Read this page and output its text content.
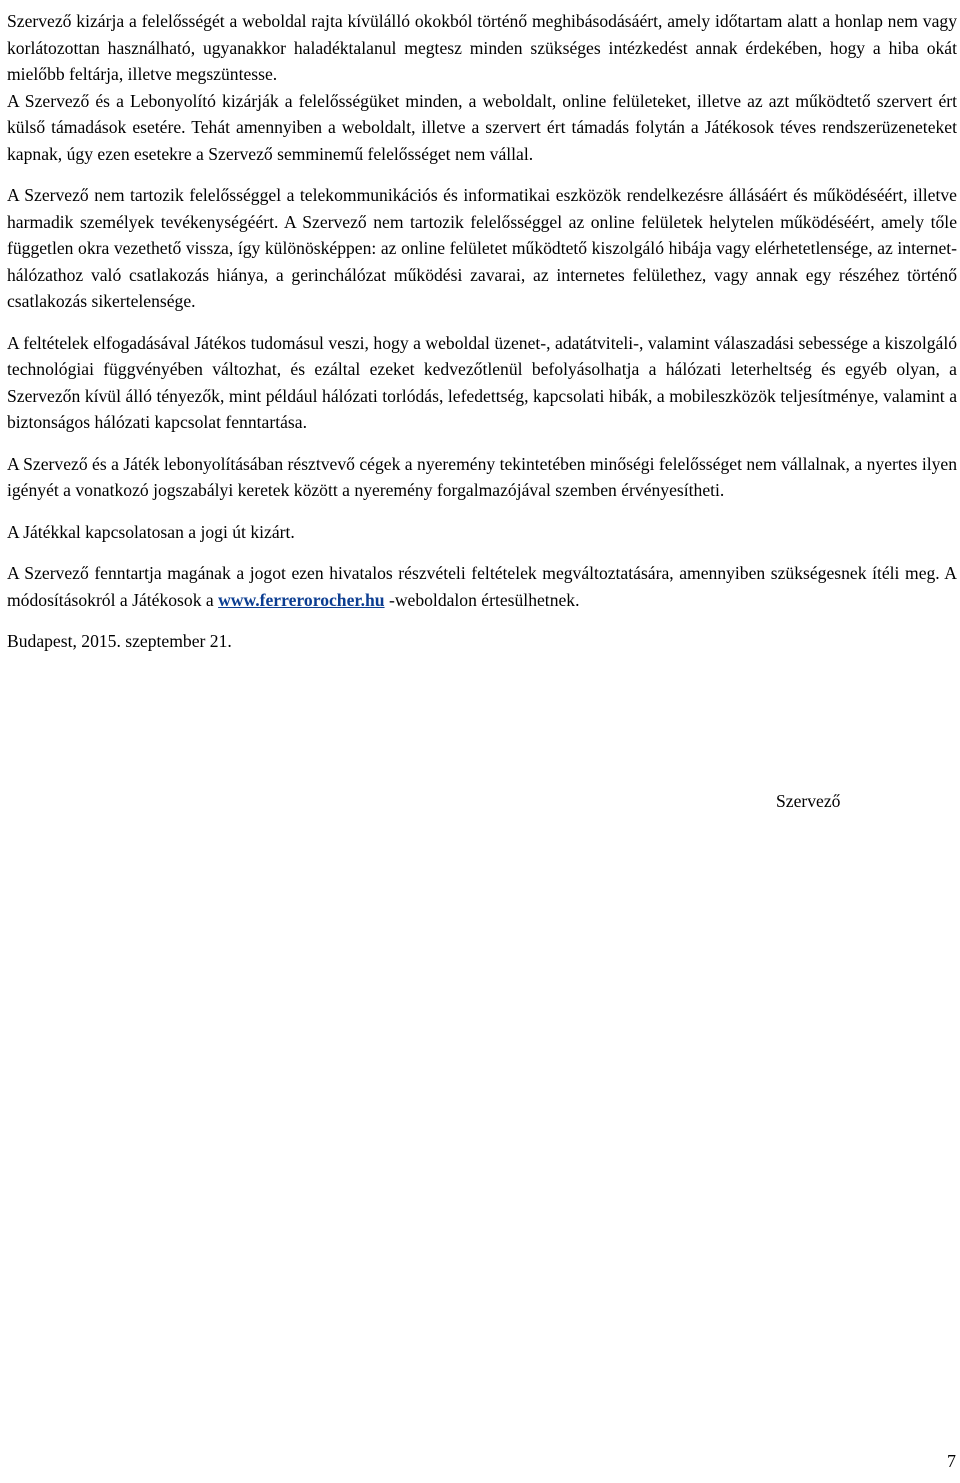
Szervező kizárja a felelősségét a weboldal rajta kívülálló okokból történő meghibásodásáért, amely időtartam alatt a honlap nem vagy korlátozottan használható, ugyanakkor haladéktalanul megtesz minden szükséges intézkedést annak érdekében, hogy a hiba okát mielőbb feltárja, illetve megszüntesse.

A Szervező és a Lebonyolító kizárják a felelősségüket minden, a weboldalt, online felületeket, illetve az azt működtető szervert ért külső támadások esetére. Tehát amennyiben a weboldalt, illetve a szervert ért támadás folytán a Játékosok téves rendszerüzeneteket kapnak, úgy ezen esetekre a Szervező semminemű felelősséget nem vállal.

A Szervező nem tartozik felelősséggel a telekommunikációs és informatikai eszközök rendelkezésre állásáért és működéséért, illetve harmadik személyek tevékenységéért. A Szervező nem tartozik felelősséggel az online felületek helytelen működéséért, amely tőle független okra vezethető vissza, így különösképpen: az online felületet működtető kiszolgáló hibája vagy elérhetetlensége, az internet-hálózathoz való csatlakozás hiánya, a gerinchálózat működési zavarai, az internetes felülethez, vagy annak egy részéhez történő csatlakozás sikertelensége.

A feltételek elfogadásával Játékos tudomásul veszi, hogy a weboldal üzenet-, adatátviteli-, valamint válaszadási sebessége a kiszolgáló technológiai függvényében változhat, és ezáltal ezeket kedvezőtlenül befolyásolhatja a hálózati leterheltség és egyéb olyan, a Szervezőn kívül álló tényezők, mint például hálózati torlódás, lefedettség, kapcsolati hibák, a mobileszközök teljesítménye, valamint a biztonságos hálózati kapcsolat fenntartása.

A Szervező és a Játék lebonyolításában résztvevő cégek a nyeremény tekintetében minőségi felelősséget nem vállalnak, a nyertes ilyen igényét a vonatkozó jogszabályi keretek között a nyeremény forgalmazójával szemben érvényesítheti.

A Játékkal kapcsolatosan a jogi út kizárt.

A Szervező fenntartja magának a jogot ezen hivatalos részvételi feltételek megváltoztatására, amennyiben szükségesnek ítéli meg. A módosításokról a Játékosok a www.ferrerorocher.hu -weboldalon értesülhetnek.

Budapest, 2015. szeptember 21.

Szervező

7
